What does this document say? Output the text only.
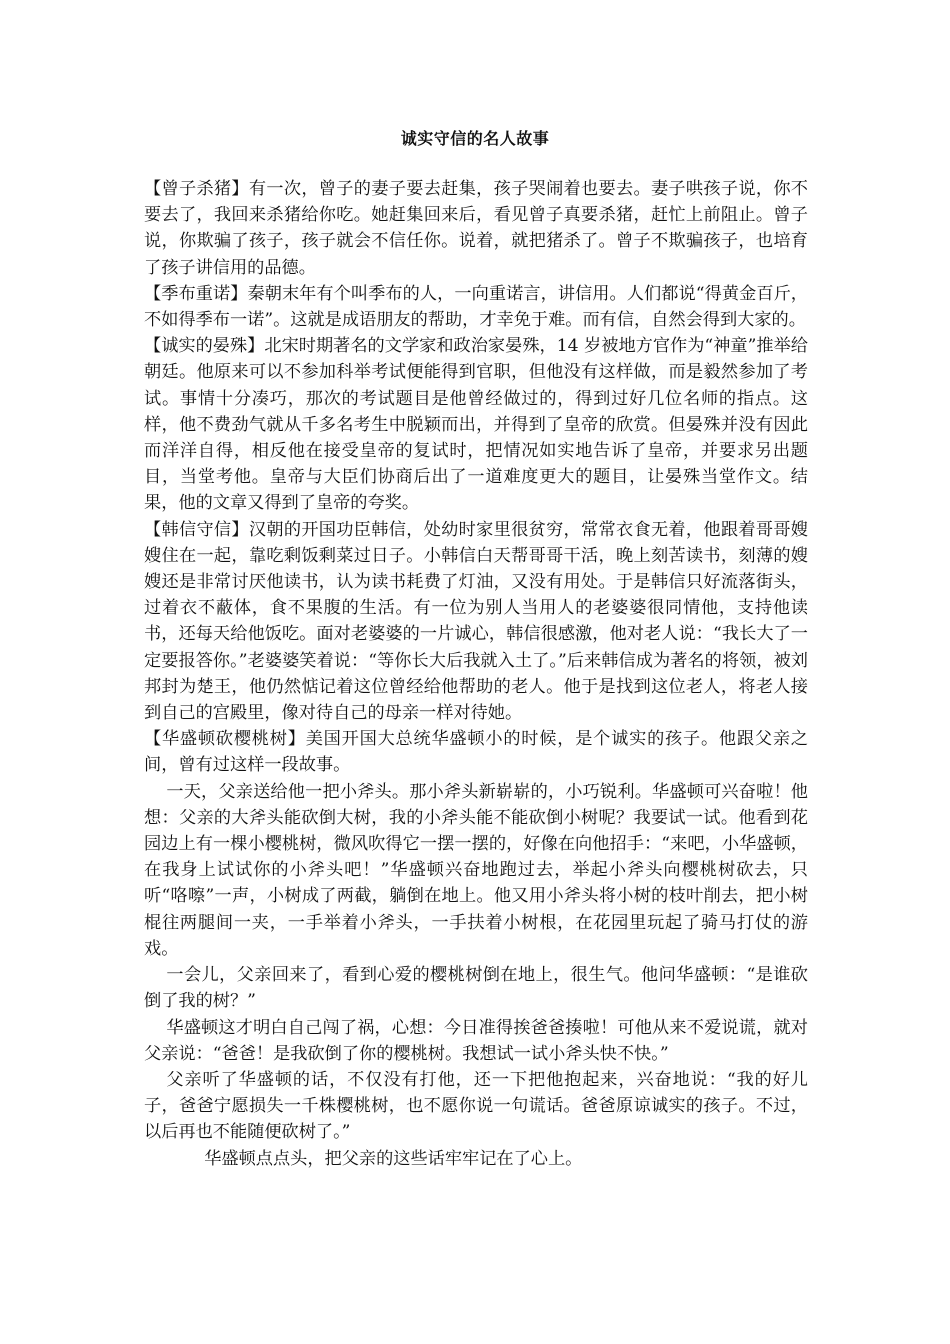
诚实守信的名人故事

【曾子杀猪】有一次，曾子的妻子要去赶集，孩子哭闹着也要去。妻子哄孩子说，你不要去了，我回来杀猪给你吃。她赶集回来后，看见曾子真要杀猪，赶忙上前阻止。曾子说，你欺骗了孩子，孩子就会不信任你。说着，就把猪杀了。曾子不欺骗孩子，也培育了孩子讲信用的品德。

【季布重诺】秦朝末年有个叫季布的人，一向重诺言，讲信用。人们都说“得黄金百斤，不如得季布一诺”。这就是成语朋友的帮助，才幸免于难。而有信，自然会得到大家的。

【诚实的晏殊】北宋时期著名的文学家和政治家晏殊，14 岁被地方官作为“神童”推举给朝廷。他原来可以不参加科举考试便能得到官职，但他没有这样做，而是毅然参加了考试。事情十分凑巧，那次的考试题目是他曾经做过的，得到过好几位名师的指点。这样，他不费劲气就从千多名考生中脱颖而出，并得到了皇帝的欣赏。但晏殊并没有因此而洋洋自得，相反他在接受皇帝的复试时，把情况如实地告诉了皇帝，并要求另出题目，当堂考他。皇帝与大臣们协商后出了一道难度更大的题目，让晏殊当堂作文。结果，他的文章又得到了皇帝的夸奖。

【韩信守信】汉朝的开国功臣韩信，处幼时家里很贫穷，常常衣食无着，他跟着哥哥嫂嫂住在一起，靠吃剩饭剩菜过日子。小韩信白天帮哥哥干活，晚上刻苦读书，刻薄的嫂嫂还是非常讨厌他读书，认为读书耗费了灯油，又没有用处。于是韩信只好流落街头，过着衣不蔽体，食不果腹的生活。有一位为别人当用人的老婆婆很同情他，支持他读书，还每天给他饭吃。面对老婆婆的一片诚心，韩信很感激，他对老人说：“我长大了一定要报答你。”老婆婆笑着说：“等你长大后我就入土了。”后来韩信成为著名的将领，被刘邦封为楚王，他仍然惦记着这位曾经给他帮助的老人。他于是找到这位老人，将老人接到自己的宫殿里，像对待自己的母亲一样对待她。

【华盛顿砍樱桃树】美国开国大总统华盛顿小的时候，是个诚实的孩子。他跟父亲之间，曾有过这样一段故事。

一天，父亲送给他一把小斧头。那小斧头新崭崭的，小巧锐利。华盛顿可兴奋啦！他想：父亲的大斧头能砍倒大树，我的小斧头能不能砍倒小树呢？我要试一试。他看到花园边上有一棵小樱桃树，微风吹得它一摆一摆的，好像在向他招手：“来吧，小华盛顿，在我身上试试你的小斧头吧！”华盛顿兴奋地跑过去，举起小斧头向樱桃树砍去，只听“咯嚓”一声，小树成了两截，躺倒在地上。他又用小斧头将小树的枝叶削去，把小树棍往两腿间一夹，一手举着小斧头，一手扶着小树根，在花园里玩起了骑马打仗的游戏。

一会儿，父亲回来了，看到心爱的樱桃树倒在地上，很生气。他问华盛顿：“是谁砍倒了我的树？”

华盛顿这才明白自己闯了祸，心想：今日准得挨爸爸揍啦！可他从来不爱说谎，就对父亲说：“爸爸！是我砍倒了你的樱桃树。我想试一试小斧头快不快。”

父亲听了华盛顿的话，不仅没有打他，还一下把他抱起来，兴奋地说：“我的好儿子，爸爸宁愿损失一千株樱桃树，也不愿你说一句谎话。爸爸原谅诚实的孩子。不过，以后再也不能随便砍树了。”

华盛顿点点头，把父亲的这些话牢牢记在了心上。
